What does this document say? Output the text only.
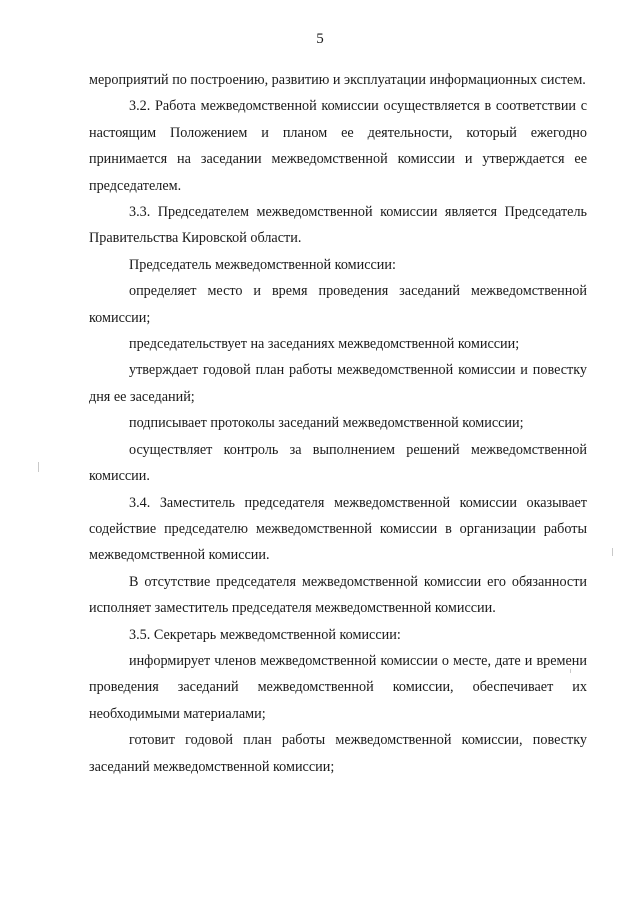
5

мероприятий по построению, развитию и эксплуатации информационных систем.

3.2. Работа межведомственной комиссии осуществляется в соответствии с настоящим Положением и планом ее деятельности, который ежегодно принимается на заседании межведомственной комиссии и утверждается ее председателем.

3.3. Председателем межведомственной комиссии является Председатель Правительства Кировской области.

Председатель межведомственной комиссии:

определяет место и время проведения заседаний межведомственной комиссии;

председательствует на заседаниях межведомственной комиссии;

утверждает годовой план работы межведомственной комиссии и повестку дня ее заседаний;

подписывает протоколы заседаний межведомственной комиссии;

осуществляет контроль за выполнением решений межведомственной комиссии.

3.4. Заместитель председателя межведомственной комиссии оказывает содействие председателю межведомственной комиссии в организации работы межведомственной комиссии.

В отсутствие председателя межведомственной комиссии его обязанности исполняет заместитель председателя межведомственной комиссии.

3.5. Секретарь межведомственной комиссии:

информирует членов межведомственной комиссии о месте, дате и времени проведения заседаний межведомственной комиссии, обеспечивает их необходимыми материалами;

готовит годовой план работы межведомственной комиссии, повестку заседаний межведомственной комиссии;
